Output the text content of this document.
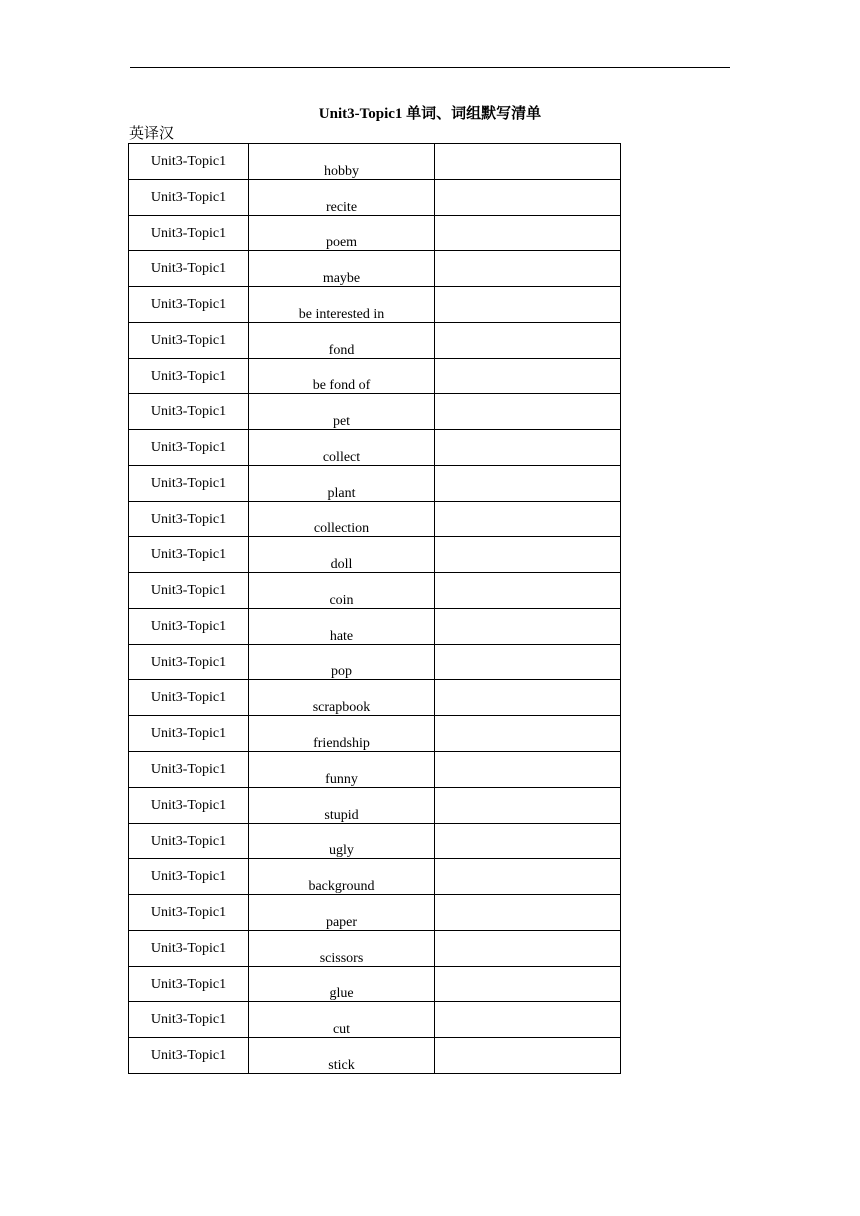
Unit3-Topic1 单词、词组默写清单
英译汉
Unit3-Topic1	hobby	

Unit3-Topic1	recite	

Unit3-Topic1	poem	

Unit3-Topic1	maybe	

Unit3-Topic1	be interested in	

Unit3-Topic1	fond	

Unit3-Topic1	be fond of	

Unit3-Topic1	pet	

Unit3-Topic1	collect	

Unit3-Topic1	plant	

Unit3-Topic1	collection	

Unit3-Topic1	doll	

Unit3-Topic1	coin	

Unit3-Topic1	hate	

Unit3-Topic1	pop	

Unit3-Topic1	scrapbook	

Unit3-Topic1	friendship	

Unit3-Topic1	funny	

Unit3-Topic1	stupid	

Unit3-Topic1	ugly	

Unit3-Topic1	background	

Unit3-Topic1	paper	

Unit3-Topic1	scissors	

Unit3-Topic1	glue	

Unit3-Topic1	cut	

Unit3-Topic1	stick	
